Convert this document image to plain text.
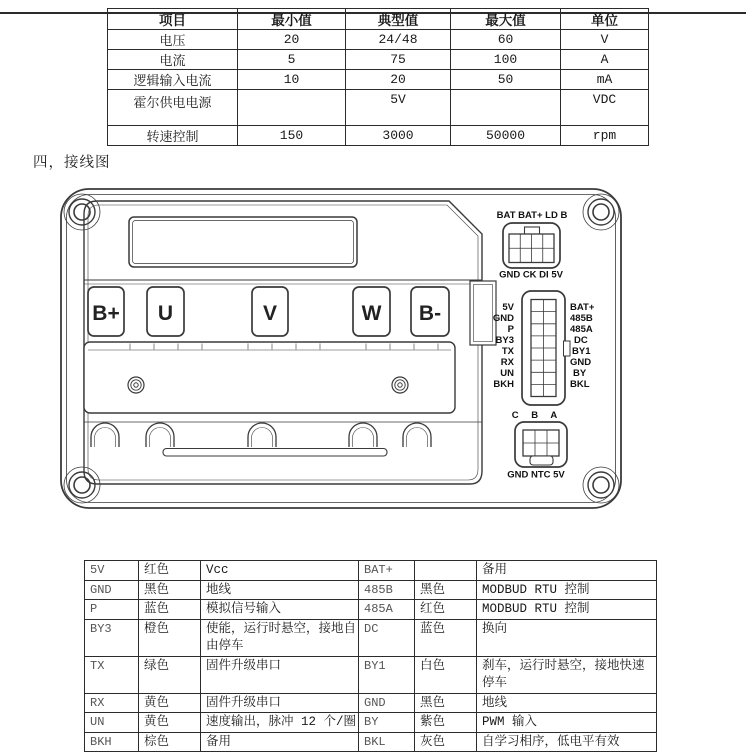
项目	最小值	典型值	最大值	单位
电压	20	24/48	60	V
电流	5	75	100	A
逻辑输入电流	10	20	50	mA
霍尔供电电源		5V		VDC
转速控制	150	3000	50000	rpm
四，接线图
B+ U	V	W B-
BAT BAT+ LD B
GND CK DI 5V
5V
GND
P
BY3
TX
RX
UN
BKH
BAT+
485B
485A
DC
BY1
GND
BY
BKL
C B A
GND NTC 5V
5V	红色	Vcc	BAT+		备用
GND	黑色	地线	485B	黑色	MODBUD RTU 控制
P	蓝色	模拟信号输入	485A	红色	MODBUD RTU 控制
BY3	橙色	使能，运行时悬空，接地自由停车	DC	蓝色	换向
TX	绿色	固件升级串口	BY1	白色	刹车，运行时悬空，接地快速停车
RX	黄色	固件升级串口	GND	黑色	地线
UN	黄色	速度输出，脉冲 12 个/圈	BY	紫色	PWM 输入
BKH	棕色	备用	BKL	灰色	自学习相序，低电平有效
